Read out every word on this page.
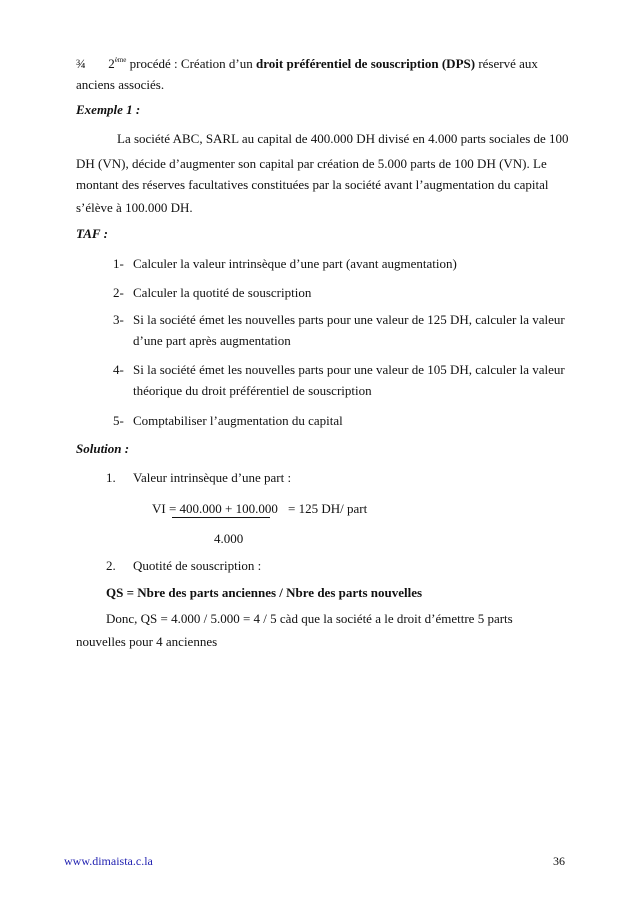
¾ 2ème procédé : Création d’un droit préférentiel de souscription (DPS) réservé aux
anciens associés.
Exemple 1 :
La société ABC, SARL au capital de 400.000 DH divisé en 4.000 parts sociales de 100
DH (VN), décide d’augmenter son capital par création de 5.000 parts de 100 DH (VN). Le
montant des réserves facultatives constituées par la société avant l’augmentation du capital
s’élève à 100.000 DH.
TAF :
1- Calculer la valeur intrinsèque d’une part (avant augmentation)
2- Calculer la quotité de souscription
3- Si la société émet les nouvelles parts pour une valeur de 125 DH, calculer la valeur
d’une part après augmentation
4- Si la société émet les nouvelles parts pour une valeur de 105 DH, calculer la valeur
théorique du droit préférentiel de souscription
5- Comptabiliser l’augmentation du capital
Solution :
1. Valeur intrinsèque d’une part :
VI = 400.000 + 100.000 = 125 DH/ part
4.000
2. Quotité de souscription :
QS = Nbre des parts anciennes / Nbre des parts nouvelles
Donc, QS = 4.000 / 5.000 = 4 / 5 càd que la société a le droit d’émettre 5 parts
nouvelles pour 4 anciennes
www.dimaista.c.la	36
